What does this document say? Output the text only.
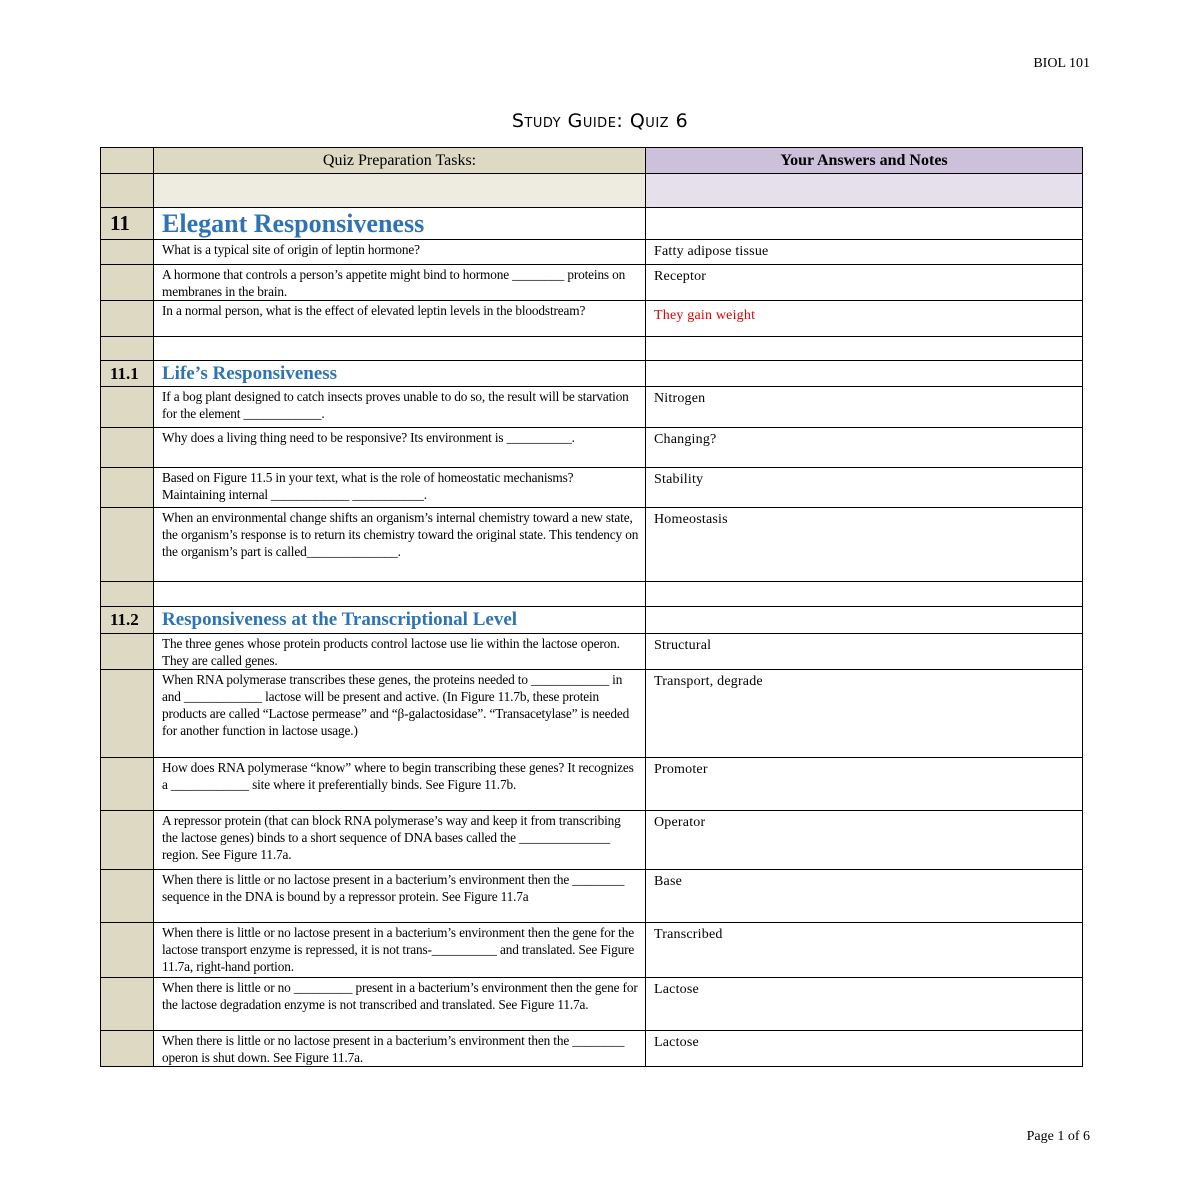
BIOL 101
Study Guide: Quiz 6
	Quiz Preparation Tasks:	Your Answers and Notes

11	Elegant Responsiveness	
	What is a typical site of origin of leptin hormone?	Fatty adipose tissue
	A hormone that controls a person’s appetite might bind to hormone ________ proteins on membranes in the brain.	Receptor
	In a normal person, what is the effect of elevated leptin levels in the bloodstream?	They gain weight

11.1	Life’s Responsiveness	
	If a bog plant designed to catch insects proves unable to do so, the result will be starvation for the element ____________.	Nitrogen
	Why does a living thing need to be responsive? Its environment is __________.	Changing?
	Based on Figure 11.5 in your text, what is the role of homeostatic mechanisms? Maintaining internal ____________ ___________.	Stability
	When an environmental change shifts an organism’s internal chemistry toward a new state, the organism’s response is to return its chemistry toward the original state. This tendency on the organism’s part is called______________.	Homeostasis

11.2	Responsiveness at the Transcriptional Level	
	The three genes whose protein products control lactose use lie within the lactose operon. They are called genes.	Structural
	When RNA polymerase transcribes these genes, the proteins needed to ____________ in and ____________ lactose will be present and active. (In Figure 11.7b, these protein products are called “Lactose permease” and “β-galactosidase”. “Transacetylase” is needed for another function in lactose usage.)	Transport, degrade
	How does RNA polymerase “know” where to begin transcribing these genes? It recognizes a ____________ site where it preferentially binds. See Figure 11.7b.	Promoter
	A repressor protein (that can block RNA polymerase’s way and keep it from transcribing the lactose genes) binds to a short sequence of DNA bases called the ______________ region. See Figure 11.7a.	Operator
	When there is little or no lactose present in a bacterium’s environment then the ________ sequence in the DNA is bound by a repressor protein. See Figure 11.7a	Base
	When there is little or no lactose present in a bacterium’s environment then the gene for the lactose transport enzyme is repressed, it is not trans-__________ and translated. See Figure 11.7a, right-hand portion.	Transcribed
	When there is little or no _________ present in a bacterium’s environment then the gene for the lactose degradation enzyme is not transcribed and translated. See Figure 11.7a.	Lactose
	When there is little or no lactose present in a bacterium’s environment then the ________ operon is shut down. See Figure 11.7a.	Lactose
Page 1 of 6
